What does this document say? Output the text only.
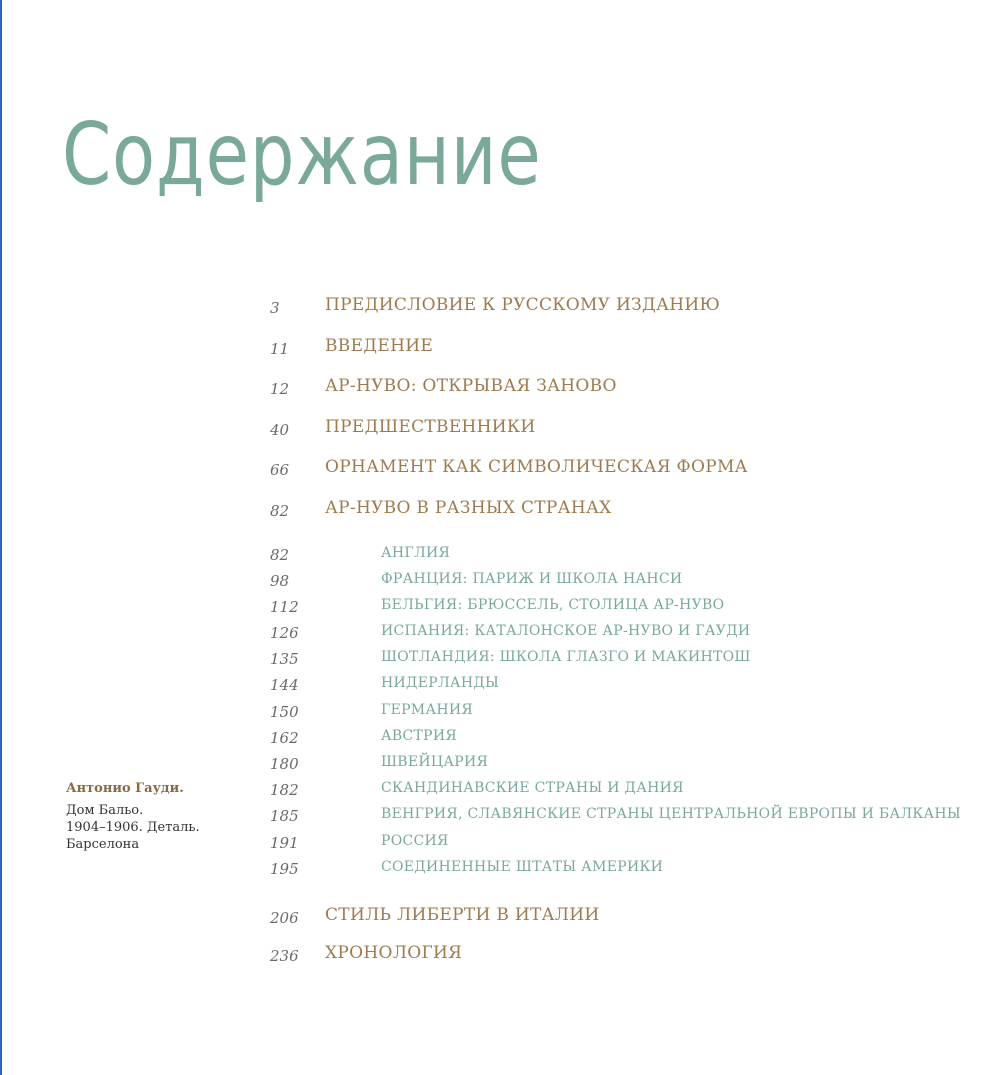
Содержание
3	ПРЕДИСЛОВИЕ К РУССКОМУ ИЗДАНИЮ
11 ВВЕДЕНИЕ
12 АР-НУВО: ОТКРЫВАЯ ЗАНОВО
40 ПРЕДШЕСТВЕННИКИ
66 ОРНАМЕНТ КАК СИМВОЛИЧЕСКАЯ ФОРМА
82 АР-НУВО В РАЗНЫХ СТРАНАХ
82	АНГЛИЯ
98	ФРАНЦИЯ: ПАРИЖ И ШКОЛА НАНСИ
112	БЕЛЬГИЯ: БРЮССЕЛЬ, СТОЛИЦА АР-НУВО
126	ИСПАНИЯ: КАТАЛОНСКОЕ АР-НУВО И ГАУДИ
135	ШОТЛАНДИЯ: ШКОЛА ГЛАЗГО И МАКИНТОШ
144	НИДЕРЛАНДЫ
150	ГЕРМАНИЯ
162	АВСТРИЯ
180	ШВЕЙЦАРИЯ
182	СКАНДИНАВСКИЕ СТРАНЫ И ДАНИЯ
185	ВЕНГРИЯ, СЛАВЯНСКИЕ СТРАНЫ ЦЕНТРАЛЬНОЙ ЕВРОПЫ И БАЛКАНЫ
191	РОССИЯ
195	СОЕДИНЕННЫЕ ШТАТЫ АМЕРИКИ
206 СТИЛЬ ЛИБЕРТИ В ИТАЛИИ
236 ХРОНОЛОГИЯ
Антонио Гауди.
Дом Бальо.
1904–1906. Деталь.
Барселона
